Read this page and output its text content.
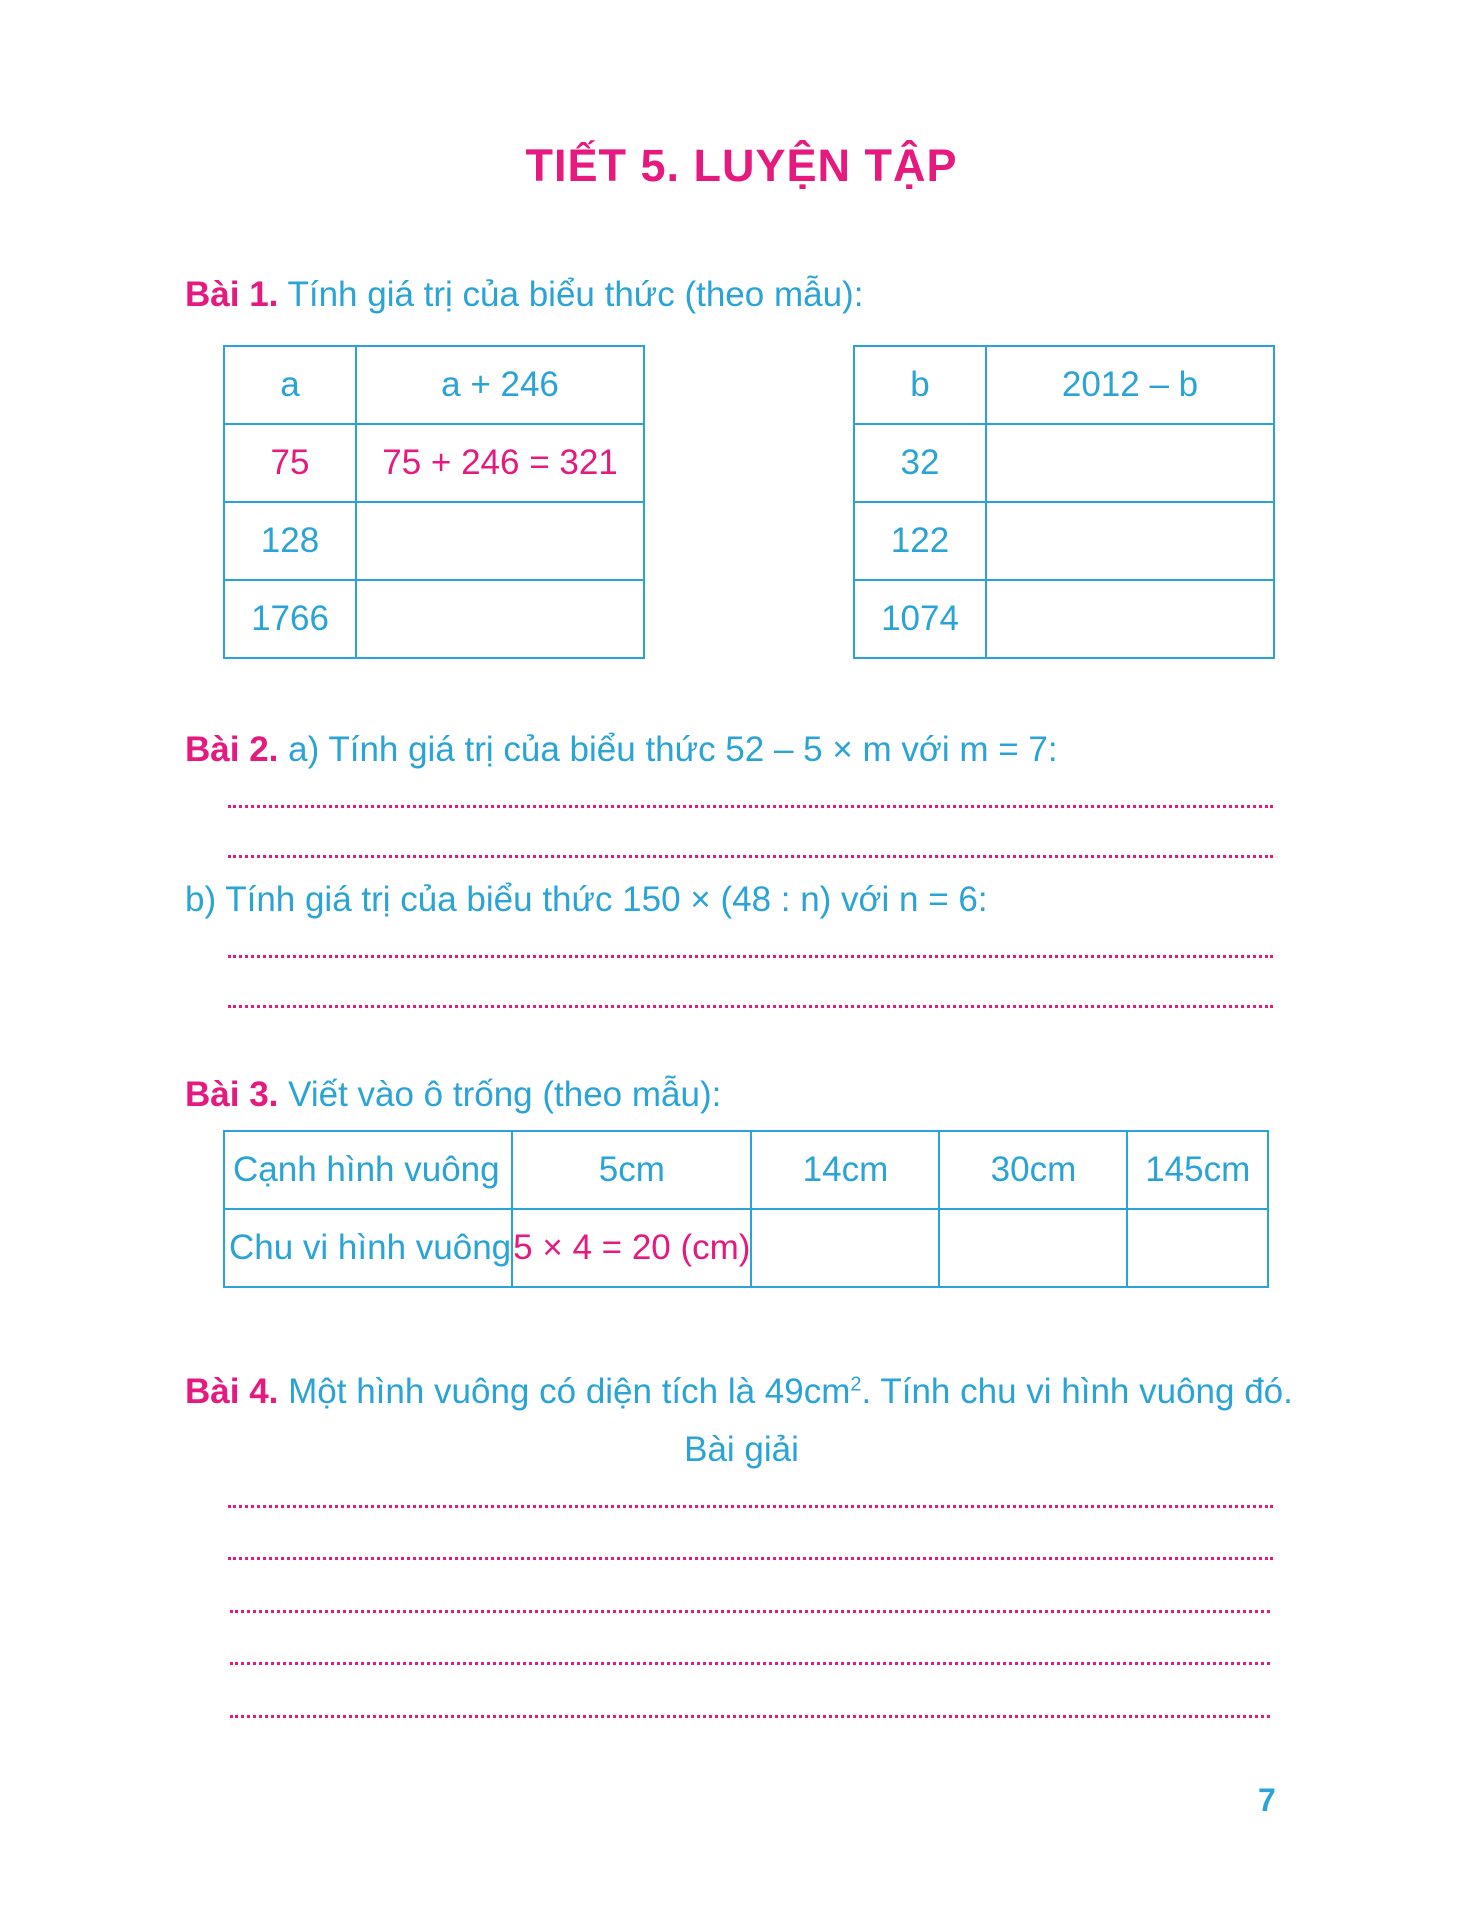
TIẾT 5. LUYỆN TẬP
Bài 1. Tính giá trị của biểu thức (theo mẫu):
a	a + 246
75	75 + 246 = 321
128	
1766	
b	2012 – b
32	
122	
1074	
Bài 2. a) Tính giá trị của biểu thức 52 – 5 × m với m = 7:
b) Tính giá trị của biểu thức 150 × (48 : n) với n = 6:
Bài 3. Viết vào ô trống (theo mẫu):
Cạnh hình vuông	5cm	14cm	30cm	145cm
Chu vi hình vuông	5 × 4 = 20 (cm)			
Bài 4. Một hình vuông có diện tích là $49cm^2$. Tính chu vi hình vuông đó.
Bài giải
7
